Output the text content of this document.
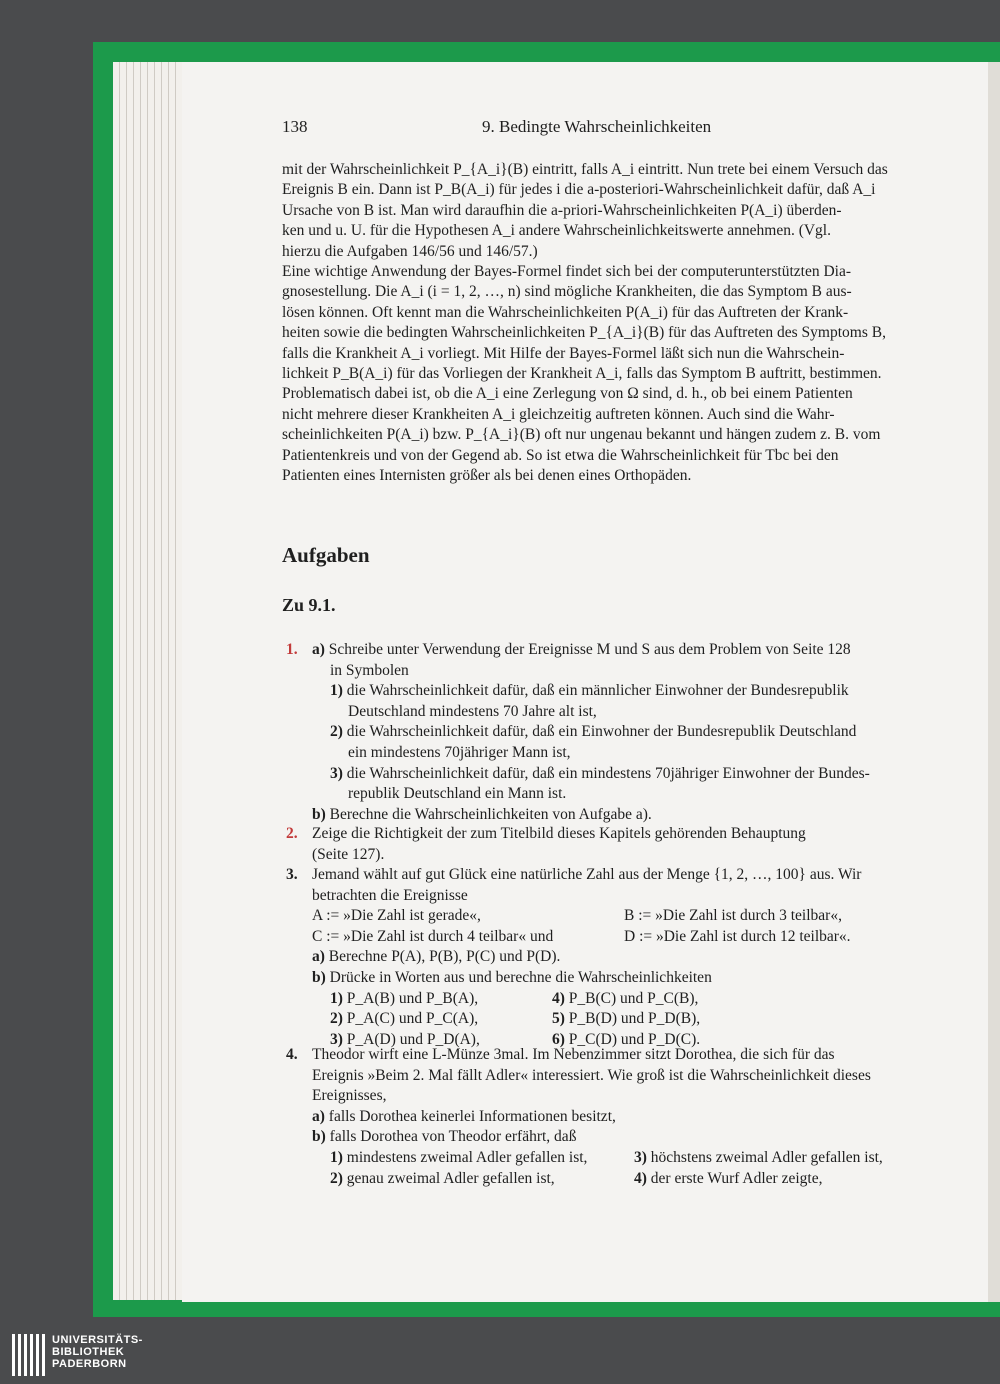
138	9. Bedingte Wahrscheinlichkeiten
mit der Wahrscheinlichkeit P_{A_i}(B) eintritt, falls A_i eintritt. Nun trete bei einem Versuch das
Ereignis B ein. Dann ist P_B(A_i) für jedes i die a-posteriori-Wahrscheinlichkeit dafür, daß A_i
Ursache von B ist. Man wird daraufhin die a-priori-Wahrscheinlichkeiten P(A_i) überden-
ken und u. U. für die Hypothesen A_i andere Wahrscheinlichkeitswerte annehmen. (Vgl.
hierzu die Aufgaben 146/56 und 146/57.)
Eine wichtige Anwendung der Bayes-Formel findet sich bei der computerunterstützten Dia-
gnosestellung. Die A_i (i = 1, 2, …, n) sind mögliche Krankheiten, die das Symptom B aus-
lösen können. Oft kennt man die Wahrscheinlichkeiten P(A_i) für das Auftreten der Krank-
heiten sowie die bedingten Wahrscheinlichkeiten P_{A_i}(B) für das Auftreten des Symptoms B,
falls die Krankheit A_i vorliegt. Mit Hilfe der Bayes-Formel läßt sich nun die Wahrschein-
lichkeit P_B(A_i) für das Vorliegen der Krankheit A_i, falls das Symptom B auftritt, bestimmen.
Problematisch dabei ist, ob die A_i eine Zerlegung von Ω sind, d. h., ob bei einem Patienten
nicht mehrere dieser Krankheiten A_i gleichzeitig auftreten können. Auch sind die Wahr-
scheinlichkeiten P(A_i) bzw. P_{A_i}(B) oft nur ungenau bekannt und hängen zudem z. B. vom
Patientenkreis und von der Gegend ab. So ist etwa die Wahrscheinlichkeit für Tbc bei den
Patienten eines Internisten größer als bei denen eines Orthopäden.
Aufgaben
Zu 9.1.
1. a) Schreibe unter Verwendung der Ereignisse M und S aus dem Problem von Seite 128
in Symbolen
1) die Wahrscheinlichkeit dafür, daß ein männlicher Einwohner der Bundesrepublik
Deutschland mindestens 70 Jahre alt ist,
2) die Wahrscheinlichkeit dafür, daß ein Einwohner der Bundesrepublik Deutschland
ein mindestens 70jähriger Mann ist,
3) die Wahrscheinlichkeit dafür, daß ein mindestens 70jähriger Einwohner der Bundes-
republik Deutschland ein Mann ist.
b) Berechne die Wahrscheinlichkeiten von Aufgabe a).
2. Zeige die Richtigkeit der zum Titelbild dieses Kapitels gehörenden Behauptung
(Seite 127).
3. Jemand wählt auf gut Glück eine natürliche Zahl aus der Menge {1, 2, …, 100} aus. Wir
betrachten die Ereignisse
A := »Die Zahl ist gerade«,	B := »Die Zahl ist durch 3 teilbar«,
C := »Die Zahl ist durch 4 teilbar« und	D := »Die Zahl ist durch 12 teilbar«.
a) Berechne P(A), P(B), P(C) und P(D).
b) Drücke in Worten aus und berechne die Wahrscheinlichkeiten
1) P_A(B) und P_B(A),	4) P_B(C) und P_C(B),
2) P_A(C) und P_C(A),	5) P_B(D) und P_D(B),
3) P_A(D) und P_D(A),	6) P_C(D) und P_D(C).
4. Theodor wirft eine L-Münze 3mal. Im Nebenzimmer sitzt Dorothea, die sich für das
Ereignis »Beim 2. Mal fällt Adler« interessiert. Wie groß ist die Wahrscheinlichkeit dieses
Ereignisses,
a) falls Dorothea keinerlei Informationen besitzt,
b) falls Dorothea von Theodor erfährt, daß
1) mindestens zweimal Adler gefallen ist,	3) höchstens zweimal Adler gefallen ist,
2) genau zweimal Adler gefallen ist,	4) der erste Wurf Adler zeigte,
UNIVERSITÄTS-
BIBLIOTHEK
PADERBORN
